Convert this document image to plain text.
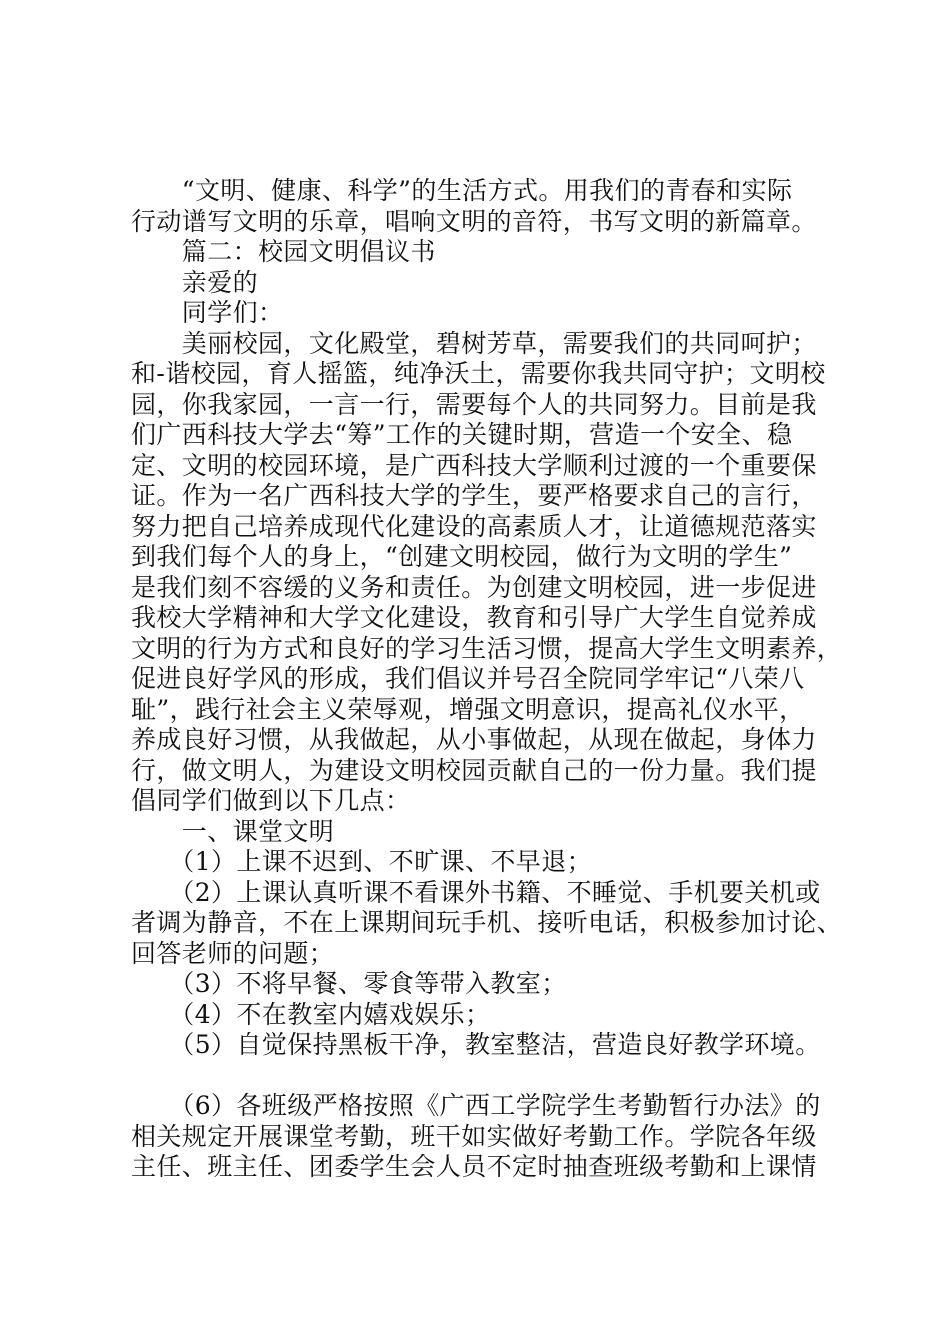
　　“文明、健康、科学”的生活方式。用我们的青春和实际
行动谱写文明的乐章，唱响文明的音符，书写文明的新篇章。
　　篇二：校园文明倡议书
　　亲爱的
　　同学们：
　　美丽校园，文化殿堂，碧树芳草，需要我们的共同呵护；
和-谐校园，育人摇篮，纯净沃土，需要你我共同守护；文明校
园，你我家园，一言一行，需要每个人的共同努力。目前是我
们广西科技大学去“筹”工作的关键时期，营造一个安全、稳
定、文明的校园环境，是广西科技大学顺利过渡的一个重要保
证。作为一名广西科技大学的学生，要严格要求自己的言行，
努力把自己培养成现代化建设的高素质人才，让道德规范落实
到我们每个人的身上，“创建文明校园，做行为文明的学生”
是我们刻不容缓的义务和责任。为创建文明校园，进一步促进
我校大学精神和大学文化建设，教育和引导广大学生自觉养成
文明的行为方式和良好的学习生活习惯，提高大学生文明素养，
促进良好学风的形成，我们倡议并号召全院同学牢记“八荣八
耻”，践行社会主义荣辱观，增强文明意识，提高礼仪水平，
养成良好习惯，从我做起，从小事做起，从现在做起，身体力
行，做文明人，为建设文明校园贡献自己的一份力量。我们提
倡同学们做到以下几点：
　　一、课堂文明
　　（1）上课不迟到、不旷课、不早退；
　　（2）上课认真听课不看课外书籍、不睡觉、手机要关机或
者调为静音，不在上课期间玩手机、接听电话，积极参加讨论、
回答老师的问题；
　　（3）不将早餐、零食等带入教室；
　　（4）不在教室内嬉戏娱乐；
　　（5）自觉保持黑板干净，教室整洁，营造良好教学环境。
　　（6）各班级严格按照《广西工学院学生考勤暂行办法》的
相关规定开展课堂考勤，班干如实做好考勤工作。学院各年级
主任、班主任、团委学生会人员不定时抽查班级考勤和上课情
